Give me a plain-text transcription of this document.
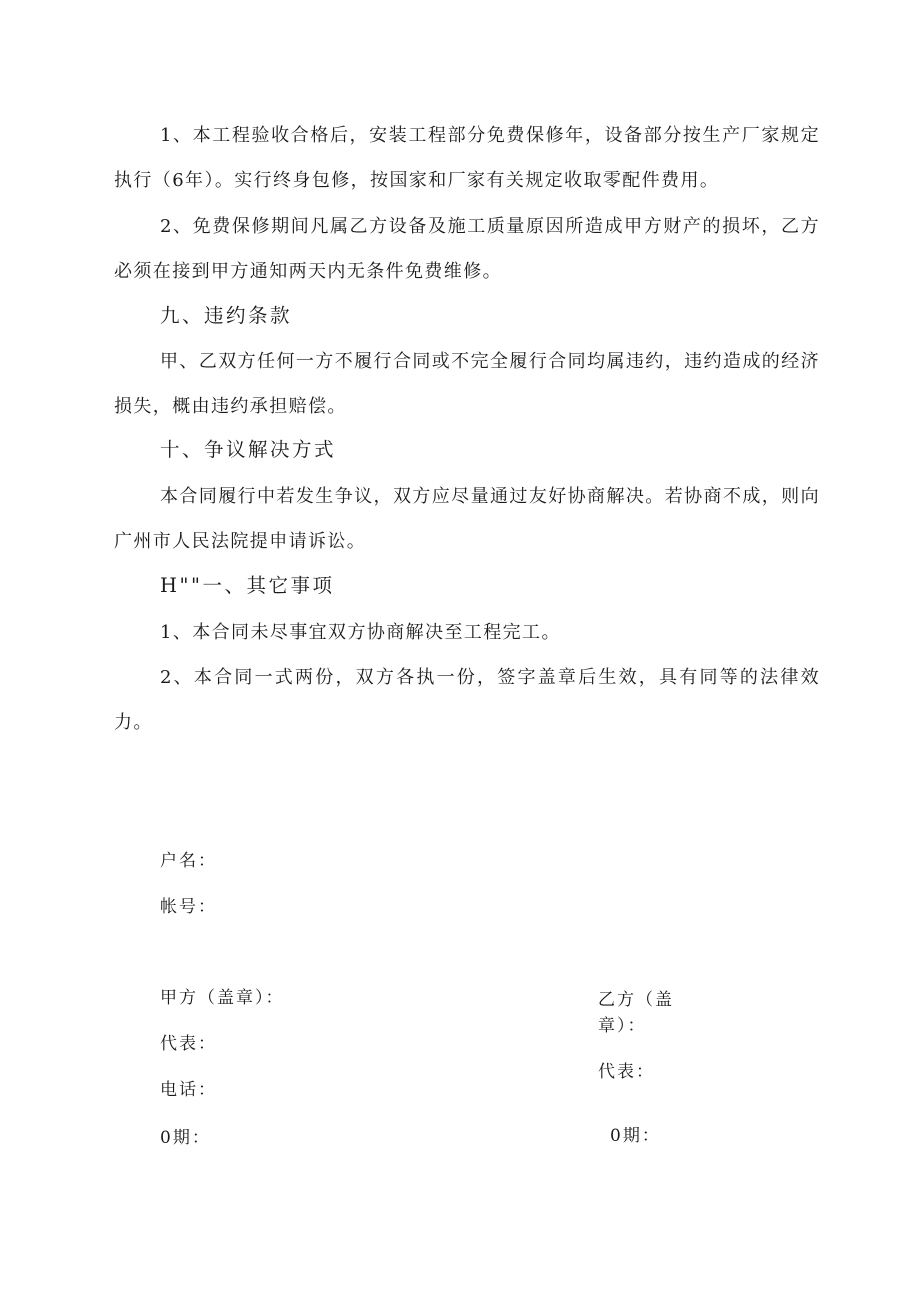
1、本工程验收合格后，安装工程部分免费保修年，设备部分按生产厂家规定执行（6年）。实行终身包修，按国家和厂家有关规定收取零配件费用。

2、免费保修期间凡属乙方设备及施工质量原因所造成甲方财产的损坏，乙方必须在接到甲方通知两天内无条件免费维修。

九、违约条款

甲、乙双方任何一方不履行合同或不完全履行合同均属违约，违约造成的经济损失，概由违约承担赔偿。

十、争议解决方式

本合同履行中若发生争议，双方应尽量通过友好协商解决。若协商不成，则向广州市人民法院提申请诉讼。

H""一、其它事项

1、本合同未尽事宜双方协商解决至工程完工。

2、本合同一式两份，双方各执一份，签字盖章后生效，具有同等的法律效力。

户名：
帐号：
甲方（盖章）：
代表：
电话：
0期：
乙方（盖
章）：
代表：
0期：
